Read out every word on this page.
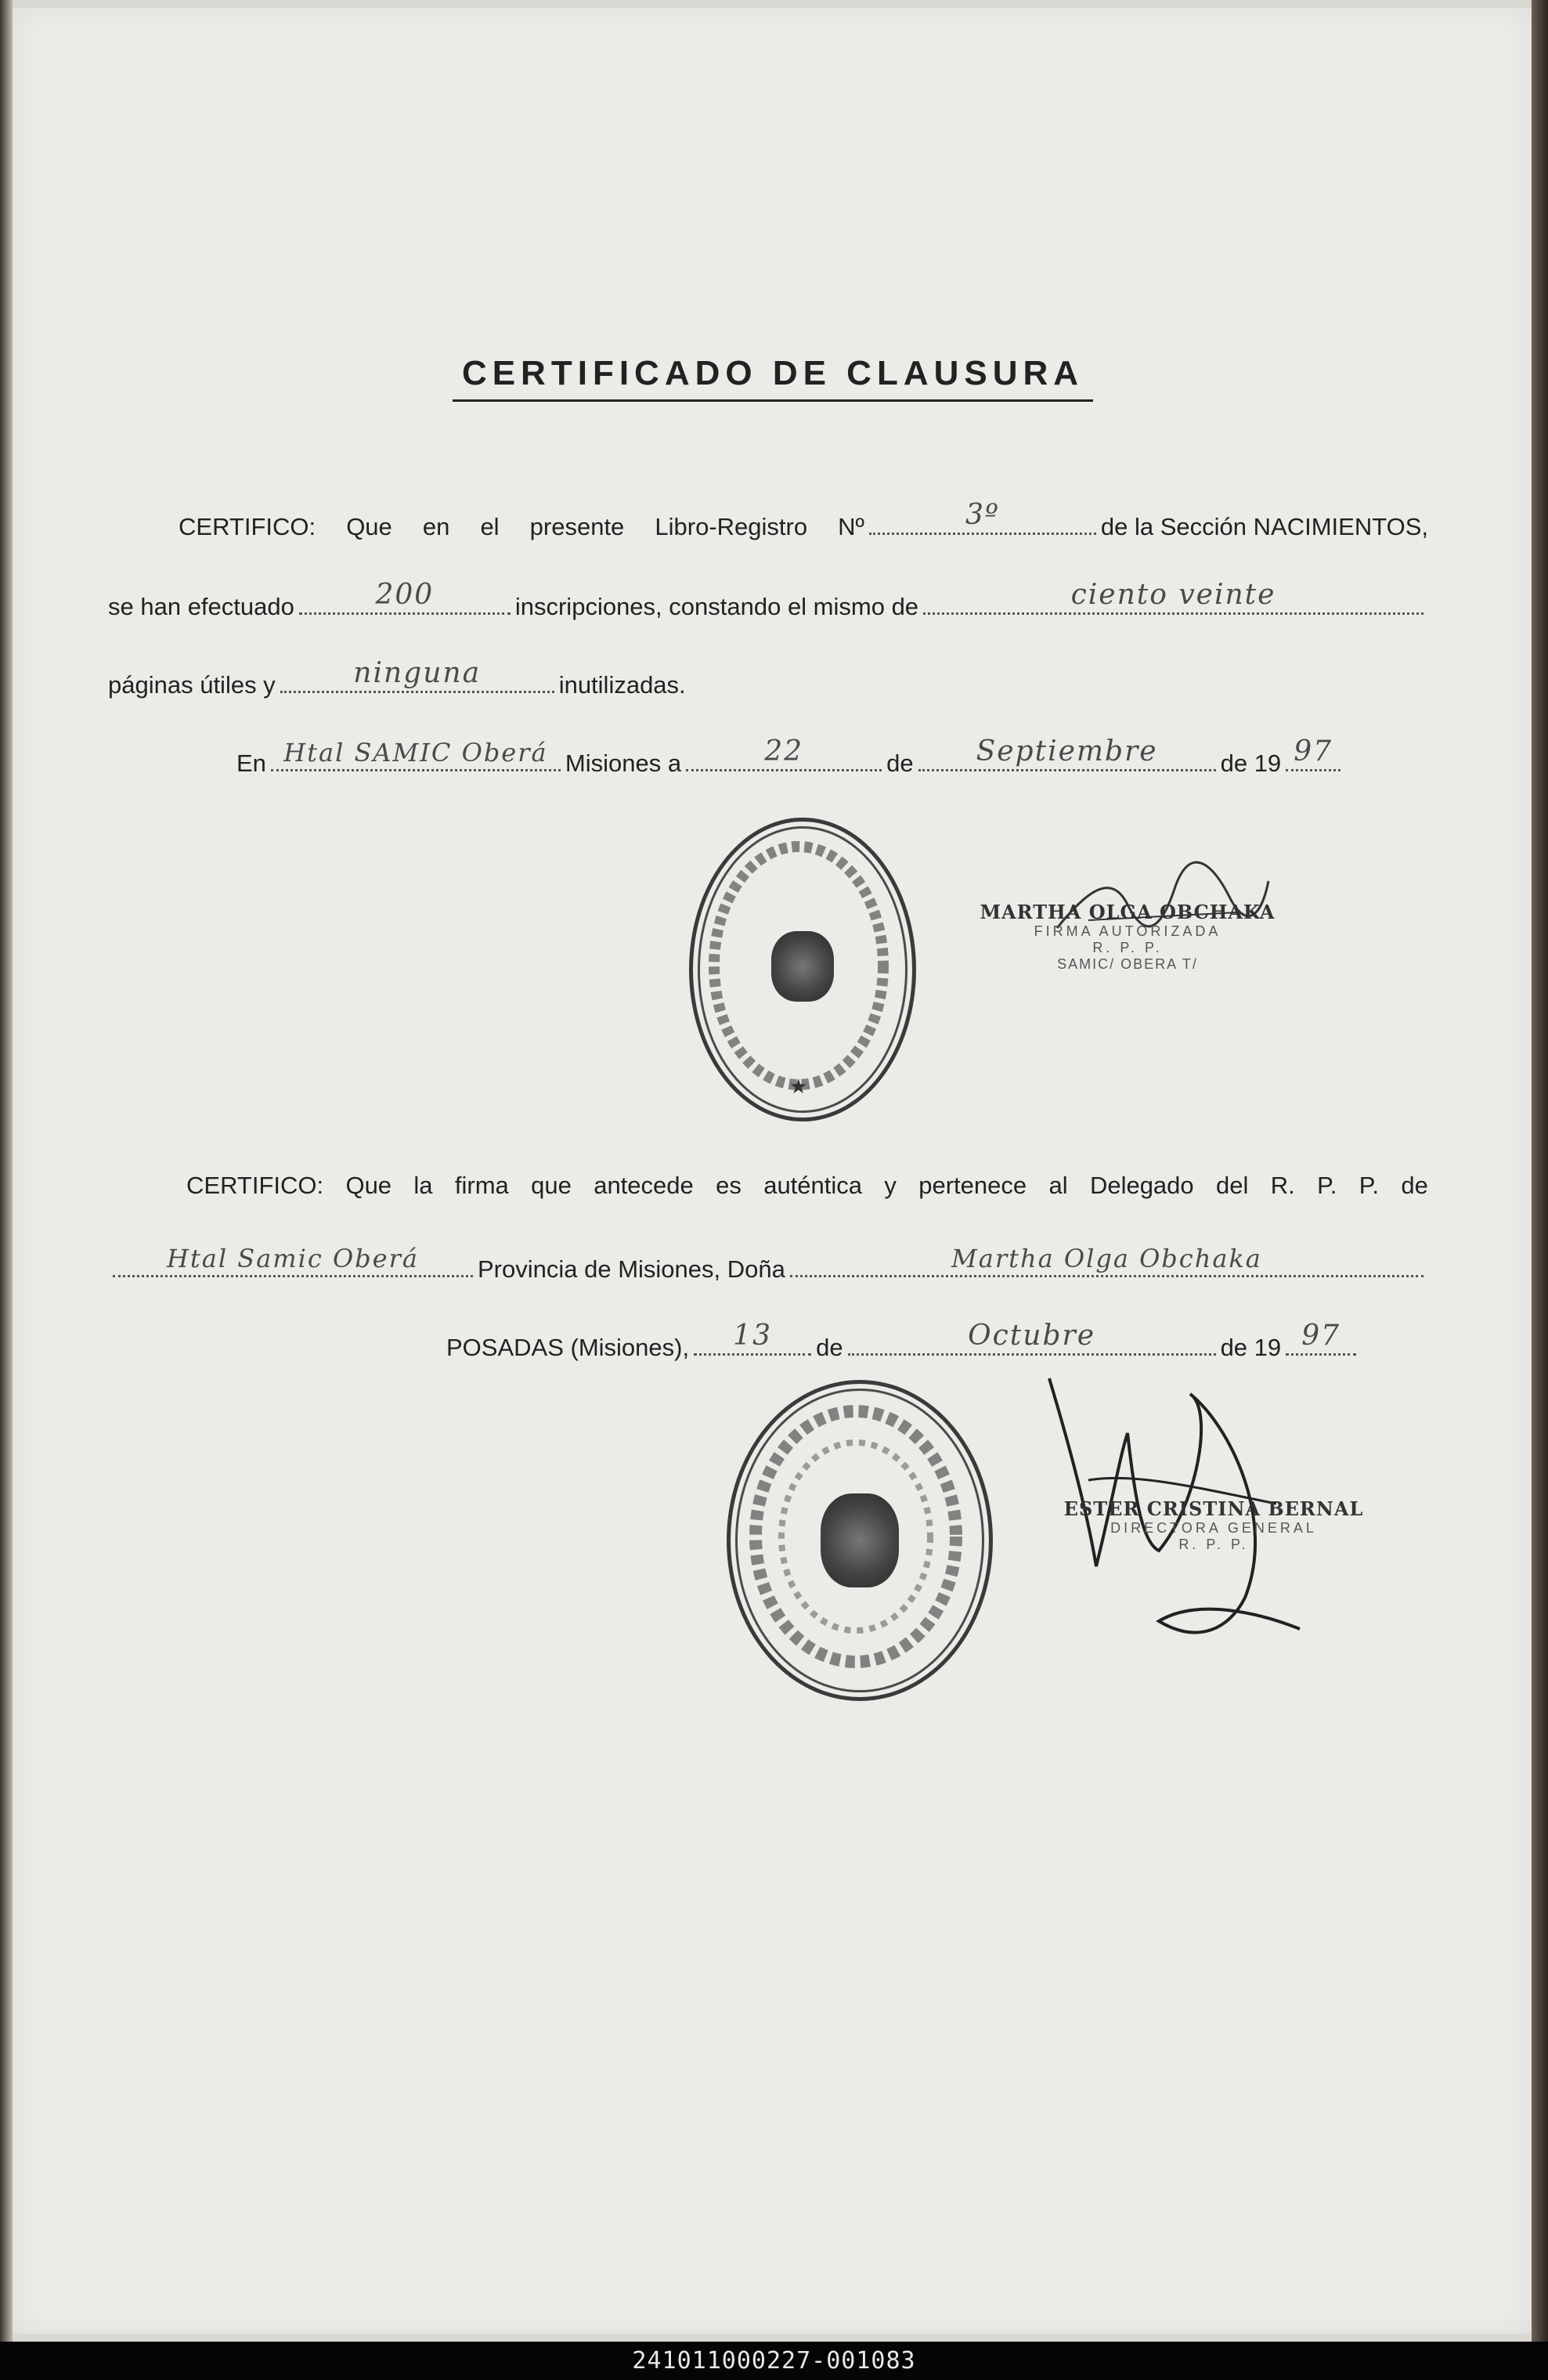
CERTIFICADO DE CLAUSURA
CERTIFICO: Que en el presente Libro-Registro Nº	3º	de la Sección NACIMIENTOS,
se han efectuado	200	inscripciones, constando el mismo de	ciento veinte
páginas útiles y	ninguna	inutilizadas.
En Htal SAMIC Oberá Misiones a	22	de	Septiembre	de 19 97
★
MARTHA OLGA OBCHAKA
FIRMA AUTORIZADA
R. P. P.
SAMIC/ OBERA T/
CERTIFICO: Que la firma que antecede es auténtica y pertenece al Delegado del R. P. P. de
Htal Samic Oberá	Provincia de Misiones, Doña	Martha Olga Obchaka
POSADAS (Misiones),	13	de	Octubre	de 19 97
ESTER CRISTINA BERNAL
DIRECTORA GENERAL
R. P. P.
241011000227-001083
